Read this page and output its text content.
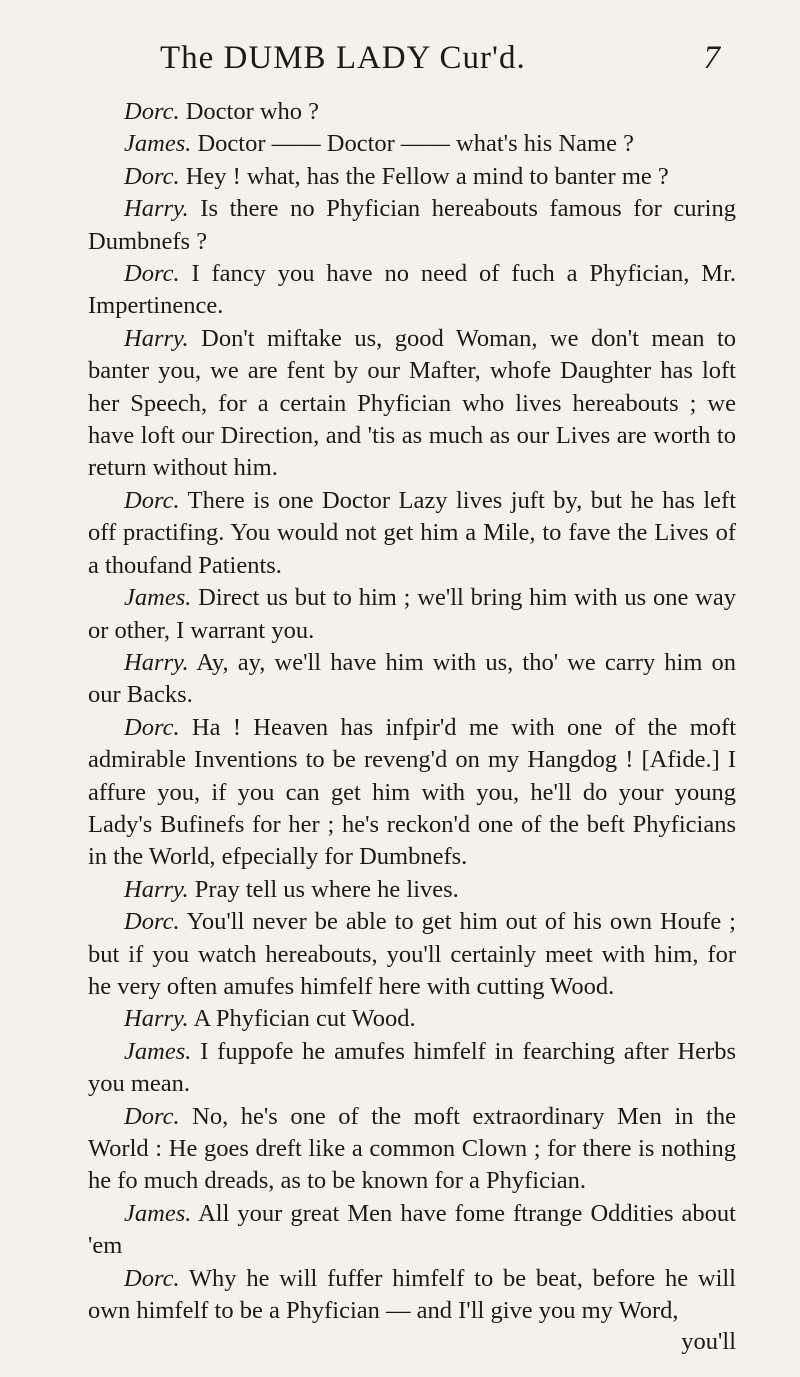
The DUMB LADY Cur'd.	7

Dorc. Doctor who ?

James. Doctor —— Doctor —— what's his Name ?

Dorc. Hey ! what, has the Fellow a mind to banter me ?

Harry. Is there no Phyfician hereabouts famous for curing Dumbnefs ?

Dorc. I fancy you have no need of fuch a Phyfician, Mr. Impertinence.

Harry. Don't miftake us, good Woman, we don't mean to banter you, we are fent by our Mafter, whofe Daughter has loft her Speech, for a certain Phyfician who lives hereabouts ; we have loft our Direction, and 'tis as much as our Lives are worth to return without him.

Dorc. There is one Doctor Lazy lives juft by, but he has left off practifing. You would not get him a Mile, to fave the Lives of a thoufand Patients.

James. Direct us but to him ; we'll bring him with us one way or other, I warrant you.

Harry. Ay, ay, we'll have him with us, tho' we carry him on our Backs.

Dorc. Ha ! Heaven has infpir'd me with one of the moft admirable Inventions to be reveng'd on my Hangdog ! [Afide.] I affure you, if you can get him with you, he'll do your young Lady's Bufinefs for her ; he's reckon'd one of the beft Phyficians in the World, efpecially for Dumbnefs.

Harry. Pray tell us where he lives.

Dorc. You'll never be able to get him out of his own Houfe ; but if you watch hereabouts, you'll certainly meet with him, for he very often amufes himfelf here with cutting Wood.

Harry. A Phyfician cut Wood.

James. I fuppofe he amufes himfelf in fearching after Herbs you mean.

Dorc. No, he's one of the moft extraordinary Men in the World : He goes dreft like a common Clown ; for there is nothing he fo much dreads, as to be known for a Phyfician.

James. All your great Men have fome ftrange Oddities about 'em

Dorc. Why he will fuffer himfelf to be beat, before he will own himfelf to be a Phyfician — and I'll give you my Word,

you'll
